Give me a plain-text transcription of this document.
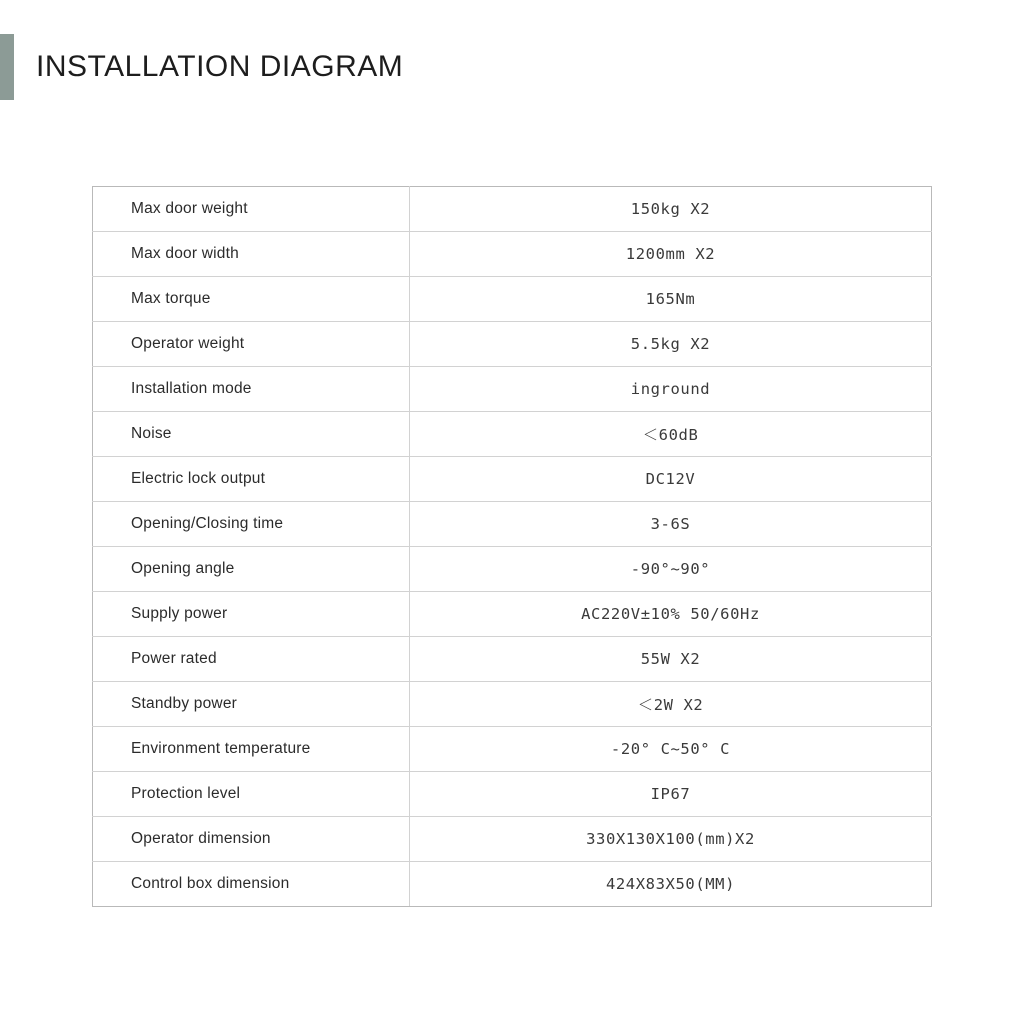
INSTALLATION DIAGRAM
Max door weight	150kg X2
Max door width	1200mm X2
Max torque	165Nm
Operator weight	5.5kg X2
Installation mode	inground
Noise	＜60dB
Electric lock output	DC12V
Opening/Closing time	3-6S
Opening angle	-90°~90°
Supply power	AC220V±10% 50/60Hz
Power rated	55W X2
Standby power	＜2W X2
Environment temperature	-20° C~50° C
Protection level	IP67
Operator dimension	330X130X100(mm)X2
Control box dimension	424X83X50(MM)
